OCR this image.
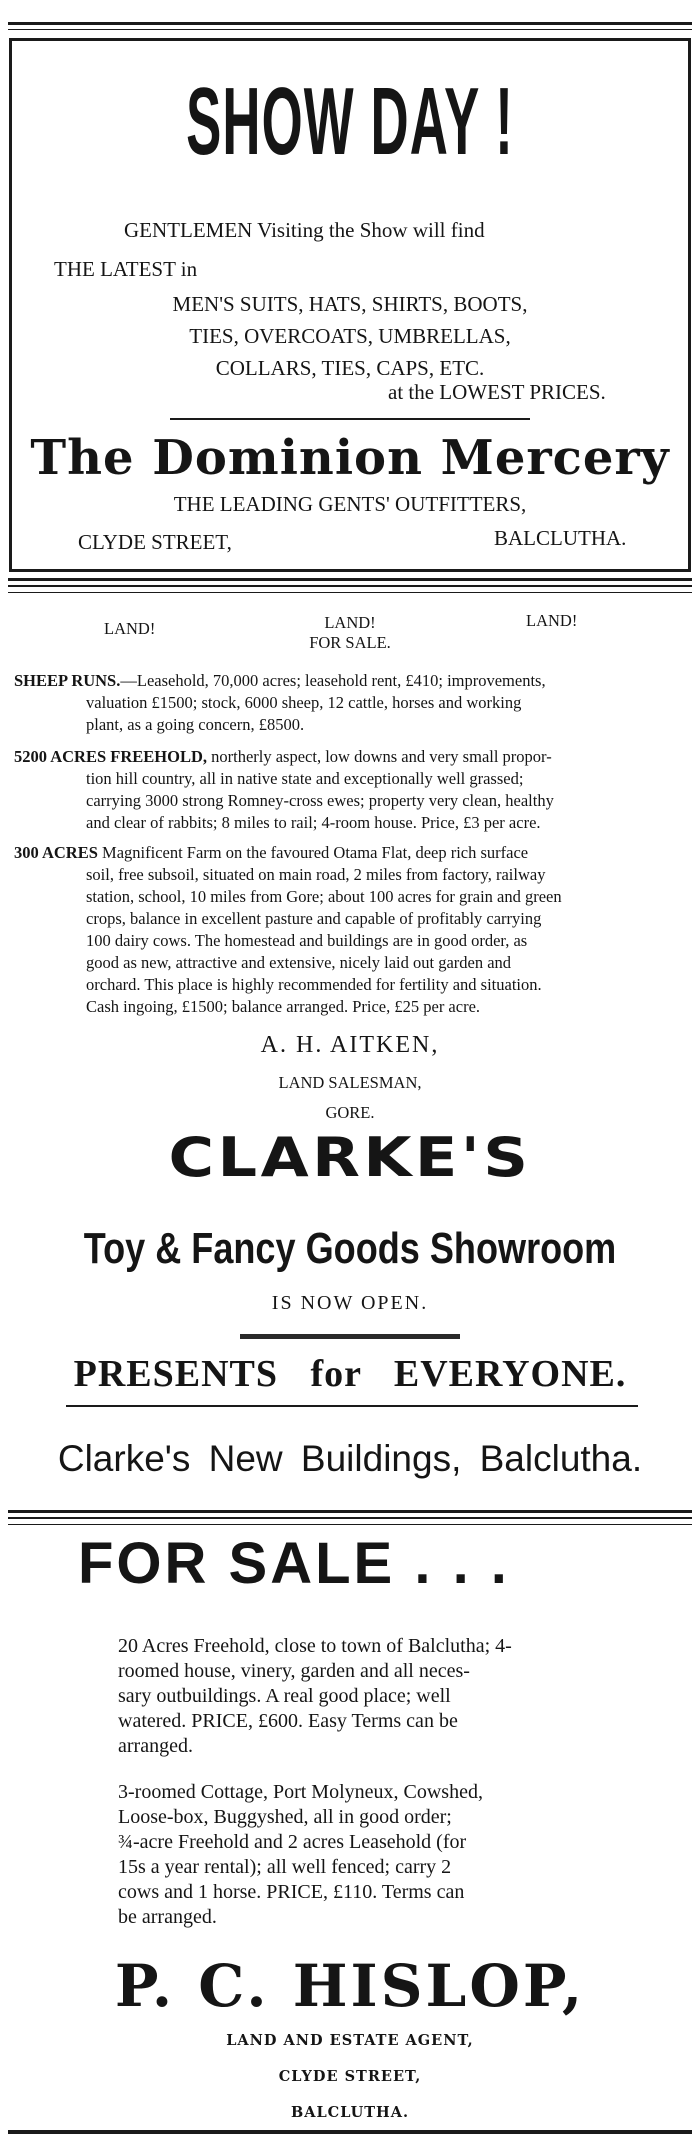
SHOW DAY !
GENTLEMEN Visiting the Show will find
THE LATEST in
MEN'S SUITS, HATS, SHIRTS, BOOTS,
TIES, OVERCOATS, UMBRELLAS,
COLLARS, TIES, CAPS, ETC.
at the LOWEST PRICES.
The Dominion Mercery
THE LEADING GENTS' OUTFITTERS,
CLYDE STREET,	BALCLUTHA.
LAND!	LAND!
FOR SALE.
LAND!
SHEEP RUNS.—Leasehold, 70,000 acres; leasehold rent, £410; improvements,
valuation £1500; stock, 6000 sheep, 12 cattle, horses and working
plant, as a going concern, £8500.
5200 ACRES FREEHOLD, northerly aspect, low downs and very small propor-
tion hill country, all in native state and exceptionally well grassed;
carrying 3000 strong Romney-cross ewes; property very clean, healthy
and clear of rabbits; 8 miles to rail; 4-room house. Price, £3 per acre.
300 ACRES Magnificent Farm on the favoured Otama Flat, deep rich surface
soil, free subsoil, situated on main road, 2 miles from factory, railway
station, school, 10 miles from Gore; about 100 acres for grain and green
crops, balance in excellent pasture and capable of profitably carrying
100 dairy cows. The homestead and buildings are in good order, as
good as new, attractive and extensive, nicely laid out garden and
orchard. This place is highly recommended for fertility and situation.
Cash ingoing, £1500; balance arranged. Price, £25 per acre.
A. H. AITKEN,
LAND SALESMAN,
GORE.
CLARKE'S
Toy & Fancy Goods Showroom
IS NOW OPEN.
PRESENTS for EVERYONE.
Clarke's New Buildings, Balclutha.
FOR SALE . . .
20 Acres Freehold, close to town of Balclutha; 4-
roomed house, vinery, garden and all neces-
sary outbuildings. A real good place; well
watered. PRICE, £600. Easy Terms can be
arranged.
3-roomed Cottage, Port Molyneux, Cowshed,
Loose-box, Buggyshed, all in good order;
¾-acre Freehold and 2 acres Leasehold (for
15s a year rental); all well fenced; carry 2
cows and 1 horse. PRICE, £110. Terms can
be arranged.
P. C. HISLOP,
LAND AND ESTATE AGENT,
CLYDE STREET,
BALCLUTHA.
